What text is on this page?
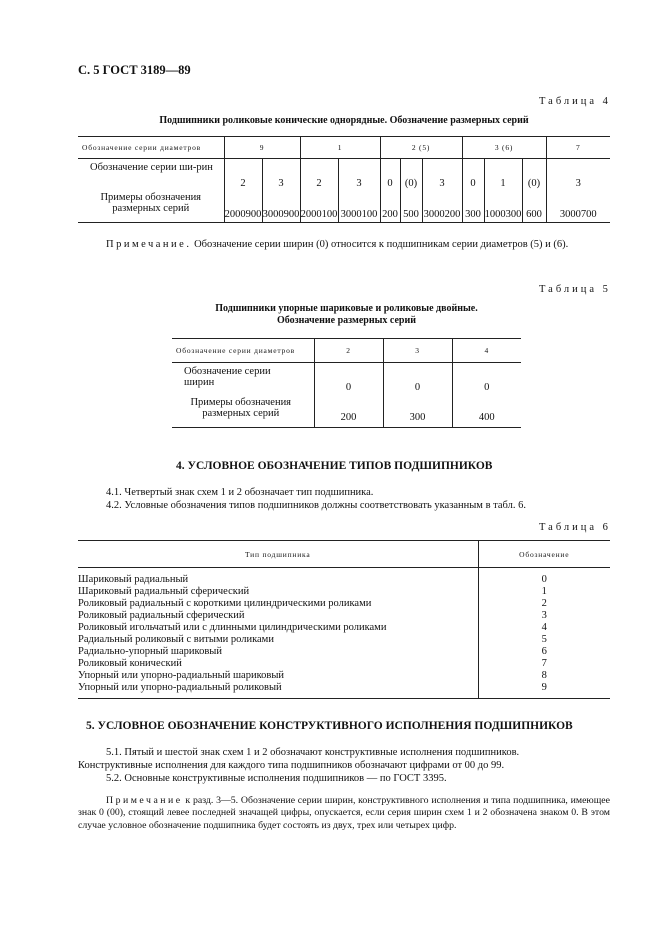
С. 5 ГОСТ 3189—89
Таблица 4
Подшипники роликовые конические однорядные. Обозначение размерных серий
Обозначение серии диаметров	9		1		2 (5)			3 (6)			7
Обозначение серии ши-рин	2	3	2	3	0	(0)	3	0	1	(0)	3
Примеры обозначения размерных серий	2000900	3000900	2000100	3000100	200	500	3000200	300	1000300	600	3000700
Примечание. Обозначение серии ширин (0) относится к подшипникам серии диаметров (5) и (6).
Таблица 5
Подшипники упорные шариковые и роликовые двойные.
Обозначение размерных серий
Обозначение серии диаметров	2	3	4
Обозначение серии ширин	0	0	0
Примеры обозначения размерных серий	200	300	400
4. УСЛОВНОЕ ОБОЗНАЧЕНИЕ ТИПОВ ПОДШИПНИКОВ
4.1. Четвертый знак схем 1 и 2 обозначает тип подшипника.
4.2. Условные обозначения типов подшипников должны соответствовать указанным в табл. 6.
Таблица 6
Тип подшипника	Обозначение
Шариковый радиальный	0
Шариковый радиальный сферический	1
Роликовый радиальный с короткими цилиндрическими роликами	2
Роликовый радиальный сферический	3
Роликовый игольчатый или с длинными цилиндрическими роликами	4
Радиальный роликовый с витыми роликами	5
Радиально-упорный шариковый	6
Роликовый конический	7
Упорный или упорно-радиальный шариковый	8
Упорный или упорно-радиальный роликовый	9
5. УСЛОВНОЕ ОБОЗНАЧЕНИЕ КОНСТРУКТИВНОГО ИСПОЛНЕНИЯ ПОДШИПНИКОВ
5.1. Пятый и шестой знак схем 1 и 2 обозначают конструктивные исполнения подшипников.
Конструктивные исполнения для каждого типа подшипников обозначают цифрами от 00 до 99.
5.2. Основные конструктивные исполнения подшипников — по ГОСТ 3395.
Примечание к разд. 3—5. Обозначение серии ширин, конструктивного исполнения и типа подшипника, имеющее знак 0 (00), стоящий левее последней значащей цифры, опускается, если серия ширин схем 1 и 2 обозначена знаком 0. В этом случае условное обозначение подшипника будет состоять из двух, трех или четырех цифр.
